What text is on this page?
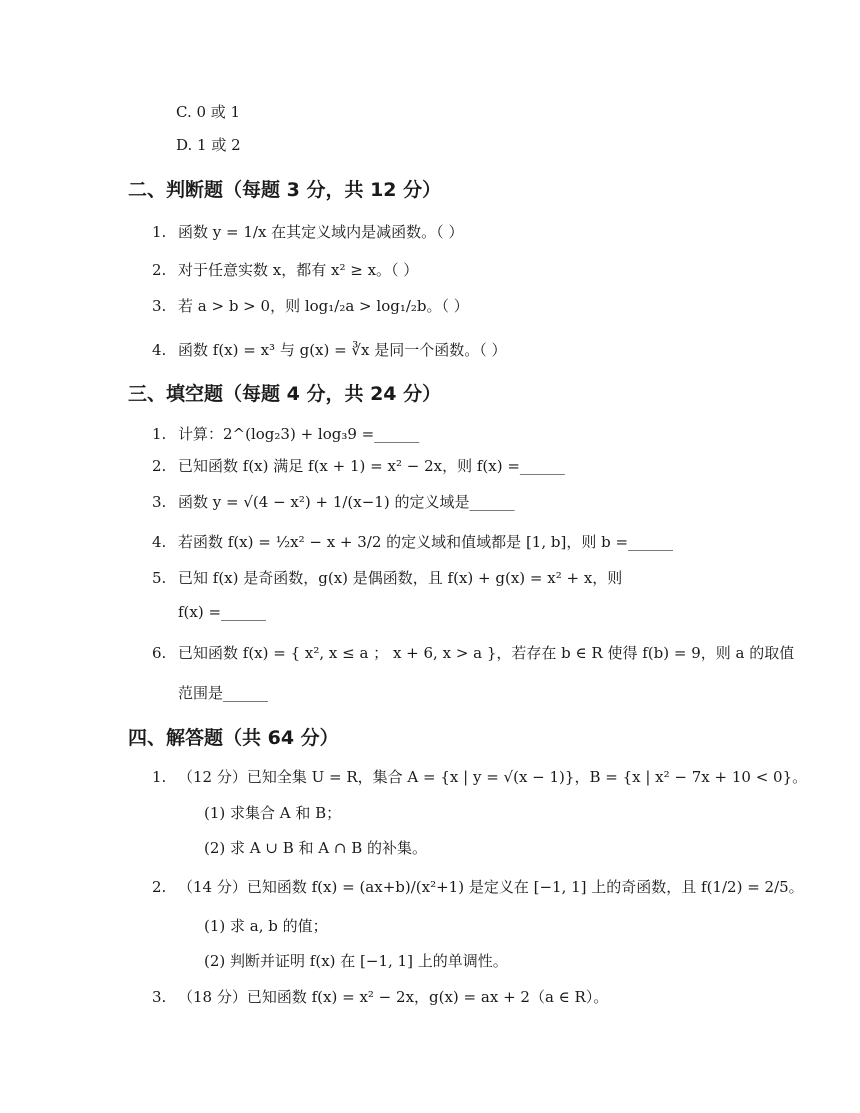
C. 0 或 1
D. 1 或 2
二、判断题（每题 3 分，共 12 分）
1. 函数 y = 1/x 在其定义域内是减函数。（ ）
2. 对于任意实数 x，都有 x² ≥ x。（ ）
3. 若 a > b > 0，则 log₁/₂a > log₁/₂b。（ ）
4. 函数 f(x) = x³ 与 g(x) = ∛x 是同一个函数。（ ）
三、填空题（每题 4 分，共 24 分）
1. 计算：2^(log₂3) + log₃9 =______
2. 已知函数 f(x) 满足 f(x + 1) = x² − 2x，则 f(x) =______
3. 函数 y = √(4 − x²) + 1/(x−1) 的定义域是______
4. 若函数 f(x) = ½x² − x + 3/2 的定义域和值域都是 [1, b]，则 b =______
5. 已知 f(x) 是奇函数，g(x) 是偶函数，且 f(x) + g(x) = x² + x，则
f(x) =______
6. 已知函数 f(x) = { x², x ≤ a ； x + 6, x > a }，若存在 b ∈ R 使得 f(b) = 9，则 a 的取值
范围是______
四、解答题（共 64 分）
1. （12 分）已知全集 U = R，集合 A = {x | y = √(x − 1)}，B = {x | x² − 7x + 10 < 0}。
(1) 求集合 A 和 B；
(2) 求 A ∪ B 和 A ∩ B 的补集。
2. （14 分）已知函数 f(x) = (ax+b)/(x²+1) 是定义在 [−1, 1] 上的奇函数，且 f(1/2) = 2/5。
(1) 求 a, b 的值；
(2) 判断并证明 f(x) 在 [−1, 1] 上的单调性。
3. （18 分）已知函数 f(x) = x² − 2x，g(x) = ax + 2（a ∈ R）。
